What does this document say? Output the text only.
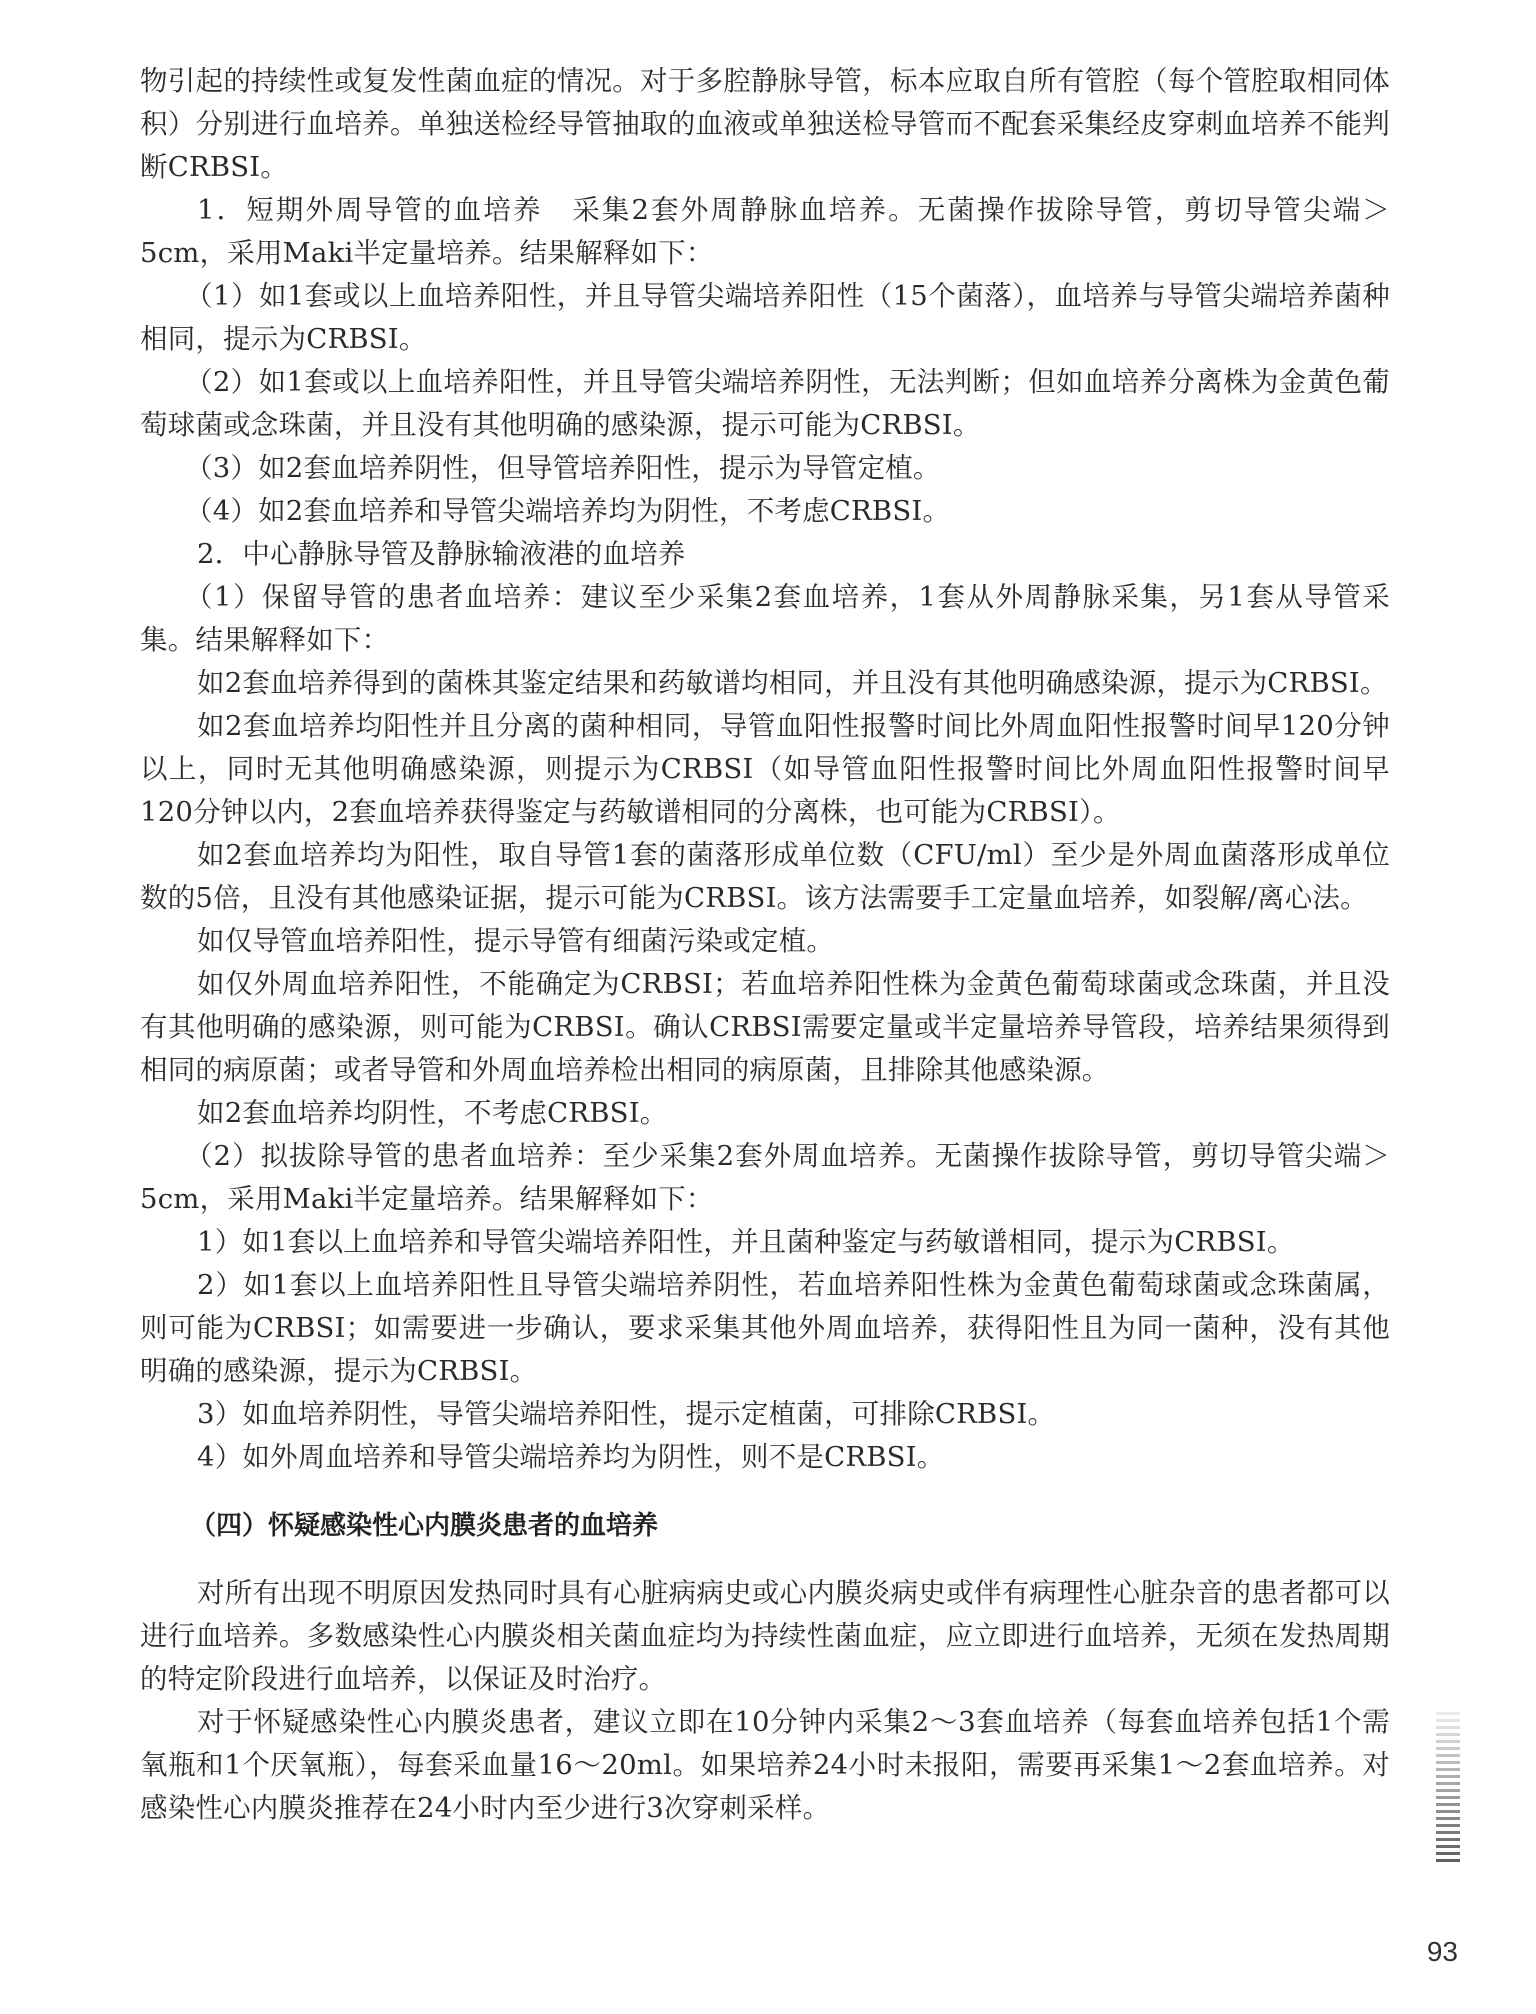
物引起的持续性或复发性菌血症的情况。对于多腔静脉导管，标本应取自所有管腔（每个管腔取相同体积）分别进行血培养。单独送检经导管抽取的血液或单独送检导管而不配套采集经皮穿刺血培养不能判断CRBSI。

1．短期外周导管的血培养　采集2套外周静脉血培养。无菌操作拔除导管，剪切导管尖端＞5cm，采用Maki半定量培养。结果解释如下：

（1）如1套或以上血培养阳性，并且导管尖端培养阳性（15个菌落），血培养与导管尖端培养菌种相同，提示为CRBSI。

（2）如1套或以上血培养阳性，并且导管尖端培养阴性，无法判断；但如血培养分离株为金黄色葡萄球菌或念珠菌，并且没有其他明确的感染源，提示可能为CRBSI。

（3）如2套血培养阴性，但导管培养阳性，提示为导管定植。

（4）如2套血培养和导管尖端培养均为阴性，不考虑CRBSI。

2．中心静脉导管及静脉输液港的血培养

（1）保留导管的患者血培养：建议至少采集2套血培养，1套从外周静脉采集，另1套从导管采集。结果解释如下：

如2套血培养得到的菌株其鉴定结果和药敏谱均相同，并且没有其他明确感染源，提示为CRBSI。

如2套血培养均阳性并且分离的菌种相同，导管血阳性报警时间比外周血阳性报警时间早120分钟以上，同时无其他明确感染源，则提示为CRBSI（如导管血阳性报警时间比外周血阳性报警时间早120分钟以内，2套血培养获得鉴定与药敏谱相同的分离株，也可能为CRBSI）。

如2套血培养均为阳性，取自导管1套的菌落形成单位数（CFU/ml）至少是外周血菌落形成单位数的5倍，且没有其他感染证据，提示可能为CRBSI。该方法需要手工定量血培养，如裂解/离心法。

如仅导管血培养阳性，提示导管有细菌污染或定植。

如仅外周血培养阳性，不能确定为CRBSI；若血培养阳性株为金黄色葡萄球菌或念珠菌，并且没有其他明确的感染源，则可能为CRBSI。确认CRBSI需要定量或半定量培养导管段，培养结果须得到相同的病原菌；或者导管和外周血培养检出相同的病原菌，且排除其他感染源。

如2套血培养均阴性，不考虑CRBSI。

（2）拟拔除导管的患者血培养：至少采集2套外周血培养。无菌操作拔除导管，剪切导管尖端＞5cm，采用Maki半定量培养。结果解释如下：

1）如1套以上血培养和导管尖端培养阳性，并且菌种鉴定与药敏谱相同，提示为CRBSI。

2）如1套以上血培养阳性且导管尖端培养阴性，若血培养阳性株为金黄色葡萄球菌或念珠菌属，则可能为CRBSI；如需要进一步确认，要求采集其他外周血培养，获得阳性且为同一菌种，没有其他明确的感染源，提示为CRBSI。

3）如血培养阴性，导管尖端培养阳性，提示定植菌，可排除CRBSI。

4）如外周血培养和导管尖端培养均为阴性，则不是CRBSI。

（四）怀疑感染性心内膜炎患者的血培养

对所有出现不明原因发热同时具有心脏病病史或心内膜炎病史或伴有病理性心脏杂音的患者都可以进行血培养。多数感染性心内膜炎相关菌血症均为持续性菌血症，应立即进行血培养，无须在发热周期的特定阶段进行血培养，以保证及时治疗。

对于怀疑感染性心内膜炎患者，建议立即在10分钟内采集2～3套血培养（每套血培养包括1个需氧瓶和1个厌氧瓶），每套采血量16～20ml。如果培养24小时未报阳，需要再采集1～2套血培养。对感染性心内膜炎推荐在24小时内至少进行3次穿刺采样。

93
